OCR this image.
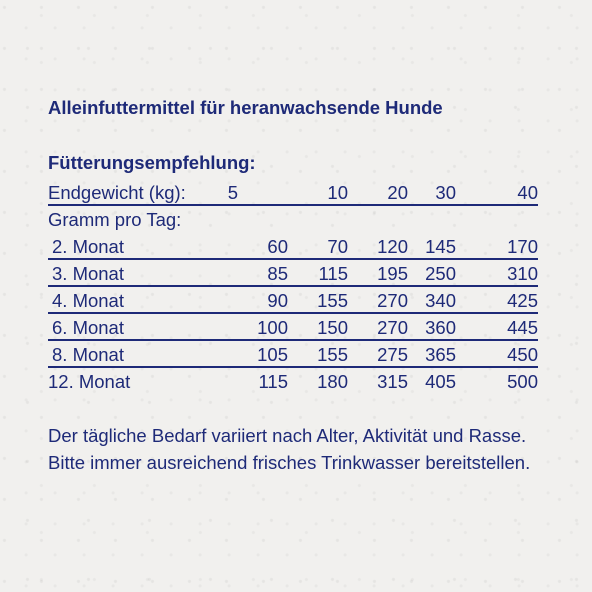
Alleinfuttermittel für heranwachsende Hunde
Fütterungsempfehlung:
Endgewicht (kg): 5	10 20 30	40
Gramm pro Tag:
2. Monat	60 70 120 145	170
3. Monat	85 115 195 250	310
4. Monat	90 155 270 340	425
6. Monat	100 150 270 360	445
8. Monat	105 155 275 365	450
12. Monat	115 180 315 405	500

Der tägliche Bedarf variiert nach Alter, Aktivität und Rasse. Bitte immer ausreichend frisches Trinkwasser bereitstellen.
